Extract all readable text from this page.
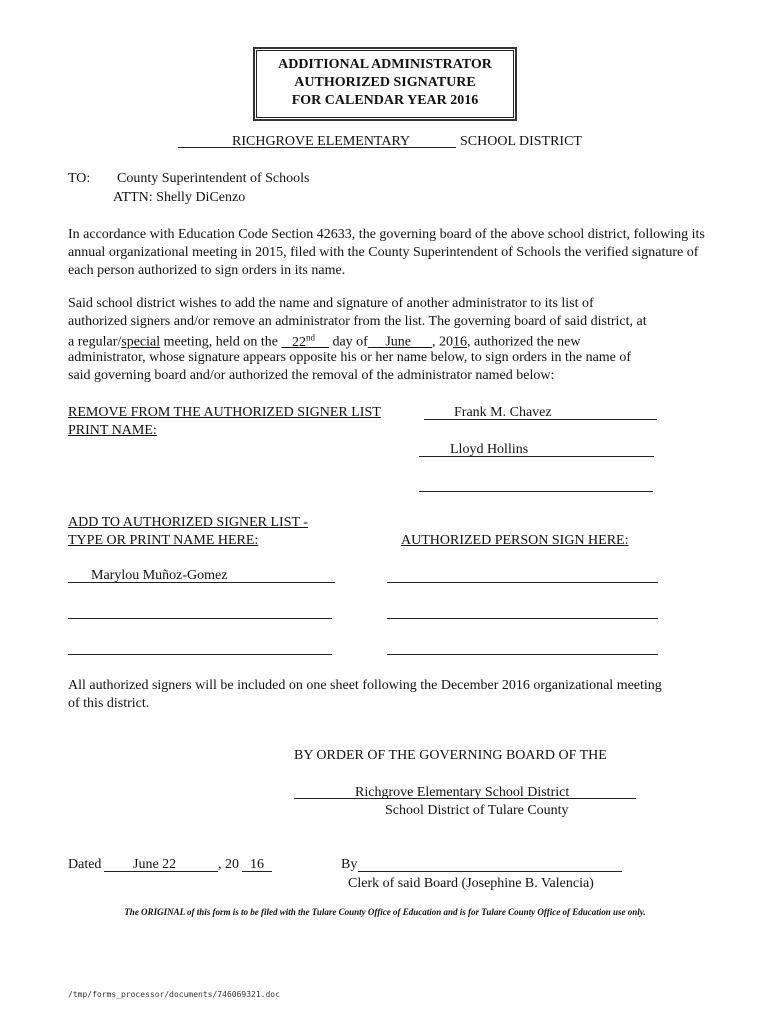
ADDITIONAL ADMINISTRATOR
AUTHORIZED SIGNATURE
FOR CALENDAR YEAR 2016
RICHGROVE ELEMENTARY	SCHOOL DISTRICT
TO: County Superintendent of Schools
ATTN: Shelly DiCenzo
In accordance with Education Code Section 42633, the governing board of the above school district, following its annual organizational meeting in 2015, filed with the County Superintendent of Schools the verified signature of each person authorized to sign orders in its name.
Said school district wishes to add the name and signature of another administrator to its list of
authorized signers and/or remove an administrator from the list. The governing board of said district, at
a regular/special meeting, held on the    22nd     day of June , 2016, authorized the new
administrator, whose signature appears opposite his or her name below, to sign orders in the name of
said governing board and/or authorized the removal of the administrator named below:
REMOVE FROM THE AUTHORIZED SIGNER LIST
PRINT NAME:
Frank M. Chavez
Lloyd Hollins
ADD TO AUTHORIZED SIGNER LIST -
TYPE OR PRINT NAME HERE:	AUTHORIZED PERSON SIGN HERE:
Marylou Muñoz-Gomez
All authorized signers will be included on one sheet following the December 2016 organizational meeting of this district.
BY ORDER OF THE GOVERNING BOARD OF THE
Richgrove Elementary School District
School District of Tulare County
Dated June 22	, 20 16	By
Clerk of said Board (Josephine B. Valencia)
The ORIGINAL of this form is to be filed with the Tulare County Office of Education and is for Tulare County Office of Education use only.
/tmp/forms_processor/documents/746069321.doc
